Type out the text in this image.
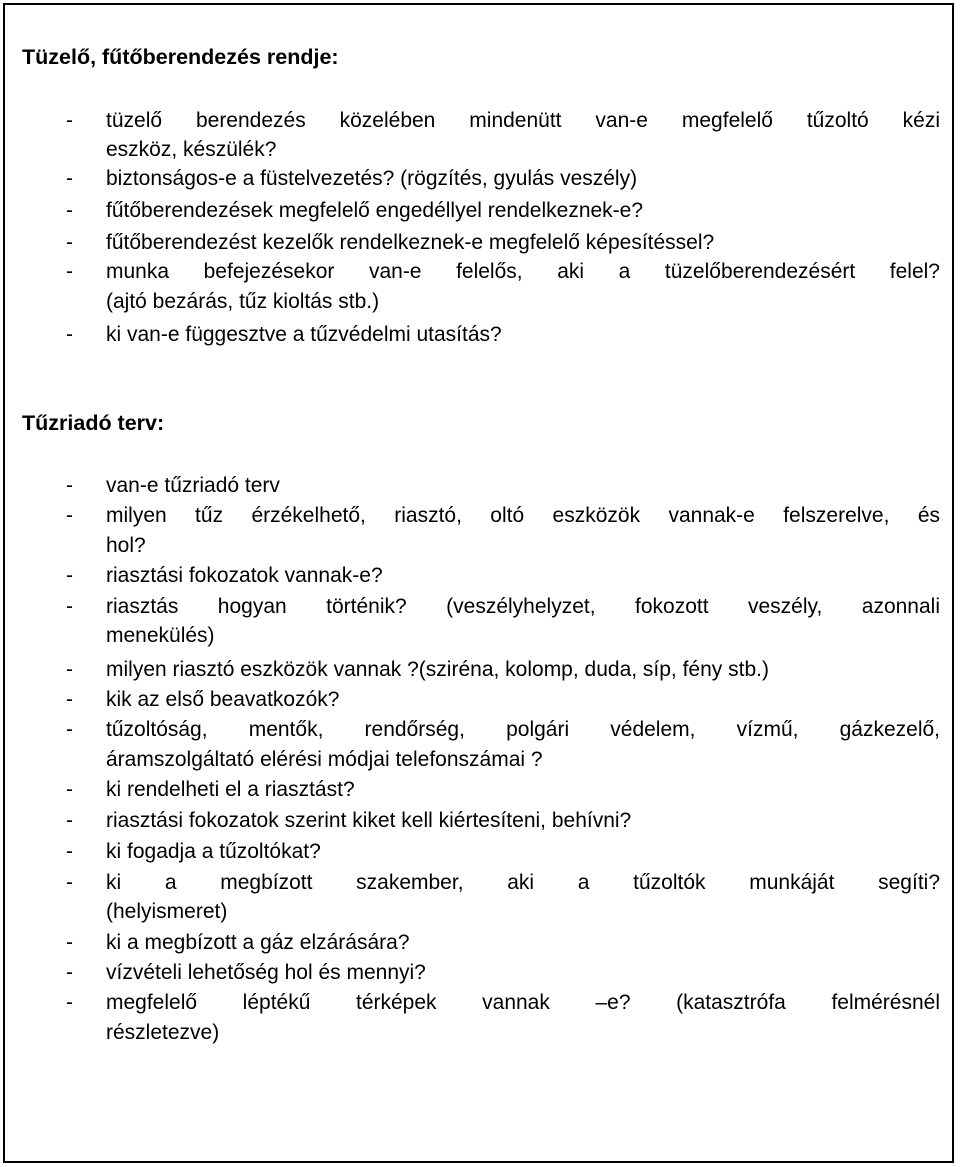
Tüzelő, fűtőberendezés rendje:
- tüzelő berendezés közelében mindenütt van-e megfelelő tűzoltó kézi
eszköz, készülék?
- biztonságos-e a füstelvezetés? (rögzítés, gyulás veszély)
- fűtőberendezések megfelelő engedéllyel rendelkeznek-e?
- fűtőberendezést kezelők rendelkeznek-e megfelelő képesítéssel?
- munka befejezésekor van-e felelős, aki a tüzelőberendezésért felel?
(ajtó bezárás, tűz kioltás stb.)
- ki van-e függesztve a tűzvédelmi utasítás?
Tűzriadó terv:
- van-e tűzriadó terv
- milyen tűz érzékelhető, riasztó, oltó eszközök vannak-e felszerelve, és
hol?
- riasztási fokozatok vannak-e?
- riasztás hogyan történik? (veszélyhelyzet, fokozott veszély, azonnali
menekülés)
- milyen riasztó eszközök vannak ?(sziréna, kolomp, duda, síp, fény stb.)
- kik az első beavatkozók?
- tűzoltóság, mentők, rendőrség, polgári védelem, vízmű, gázkezelő,
áramszolgáltató elérési módjai telefonszámai ?
- ki rendelheti el a riasztást?
- riasztási fokozatok szerint kiket kell kiértesíteni, behívni?
- ki fogadja a tűzoltókat?
- ki a megbízott szakember, aki a tűzoltók munkáját segíti?
(helyismeret)
- ki a megbízott a gáz elzárására?
- vízvételi lehetőség hol és mennyi?
- megfelelő léptékű térképek vannak –e? (katasztrófa felmérésnél
részletezve)
